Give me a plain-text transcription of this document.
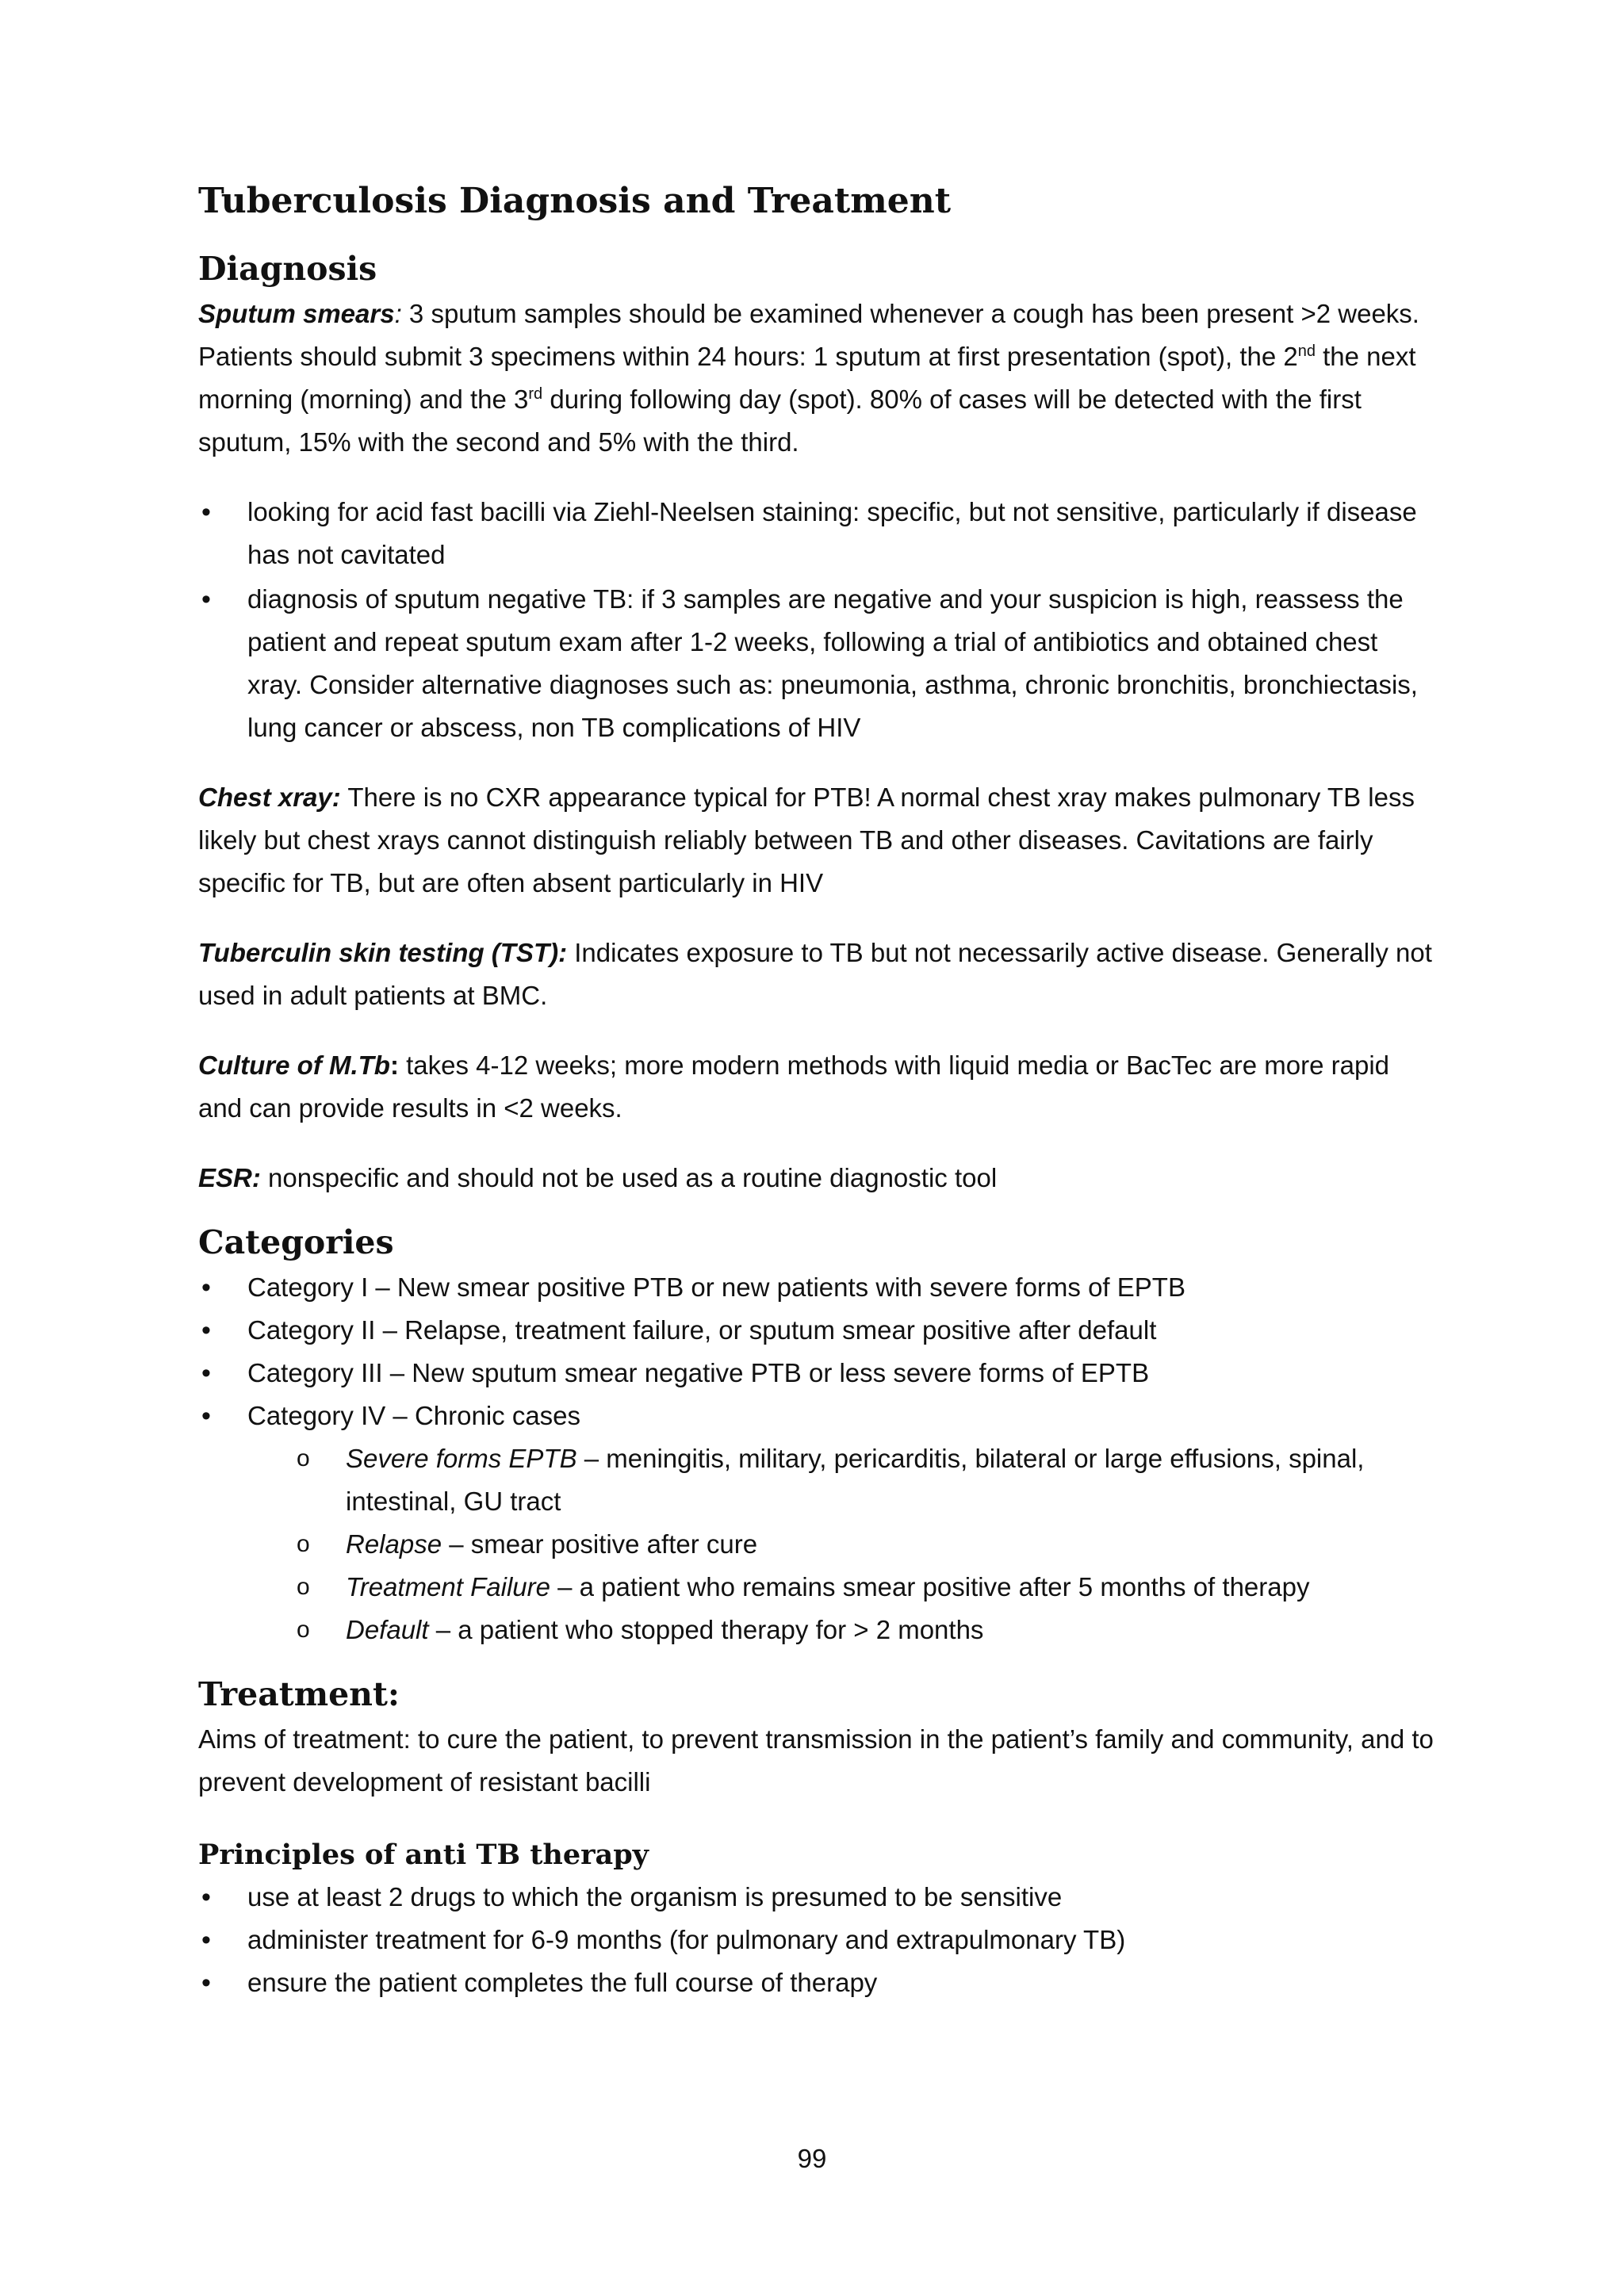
Tuberculosis Diagnosis and Treatment
Diagnosis

Sputum smears: 3 sputum samples should be examined whenever a cough has been present >2 weeks. Patients should submit 3 specimens within 24 hours: 1 sputum at first presentation (spot), the 2nd the next morning (morning) and the 3rd during following day (spot). 80% of cases will be detected with the first sputum, 15% with the second and 5% with the third.

• looking for acid fast bacilli via Ziehl-Neelsen staining: specific, but not sensitive, particularly if disease has not cavitated
• diagnosis of sputum negative TB: if 3 samples are negative and your suspicion is high, reassess the patient and repeat sputum exam after 1-2 weeks, following a trial of antibiotics and obtained chest xray. Consider alternative diagnoses such as: pneumonia, asthma, chronic bronchitis, bronchiectasis, lung cancer or abscess, non TB complications of HIV

Chest xray: There is no CXR appearance typical for PTB! A normal chest xray makes pulmonary TB less likely but chest xrays cannot distinguish reliably between TB and other diseases. Cavitations are fairly specific for TB, but are often absent particularly in HIV

Tuberculin skin testing (TST): Indicates exposure to TB but not necessarily active disease. Generally not used in adult patients at BMC.

Culture of M.Tb: takes 4-12 weeks; more modern methods with liquid media or BacTec are more rapid and can provide results in <2 weeks.

ESR: nonspecific and should not be used as a routine diagnostic tool

Categories
• Category I – New smear positive PTB or new patients with severe forms of EPTB
• Category II – Relapse, treatment failure, or sputum smear positive after default
• Category III – New sputum smear negative PTB or less severe forms of EPTB
• Category IV – Chronic cases
o Severe forms EPTB – meningitis, military, pericarditis, bilateral or large effusions, spinal, intestinal, GU tract
o Relapse – smear positive after cure
o Treatment Failure – a patient who remains smear positive after 5 months of therapy
o Default – a patient who stopped therapy for > 2 months
Treatment:

Aims of treatment: to cure the patient, to prevent transmission in the patient’s family and community, and to prevent development of resistant bacilli

Principles of anti TB therapy
• use at least 2 drugs to which the organism is presumed to be sensitive
• administer treatment for 6-9 months (for pulmonary and extrapulmonary TB)
• ensure the patient completes the full course of therapy
99
